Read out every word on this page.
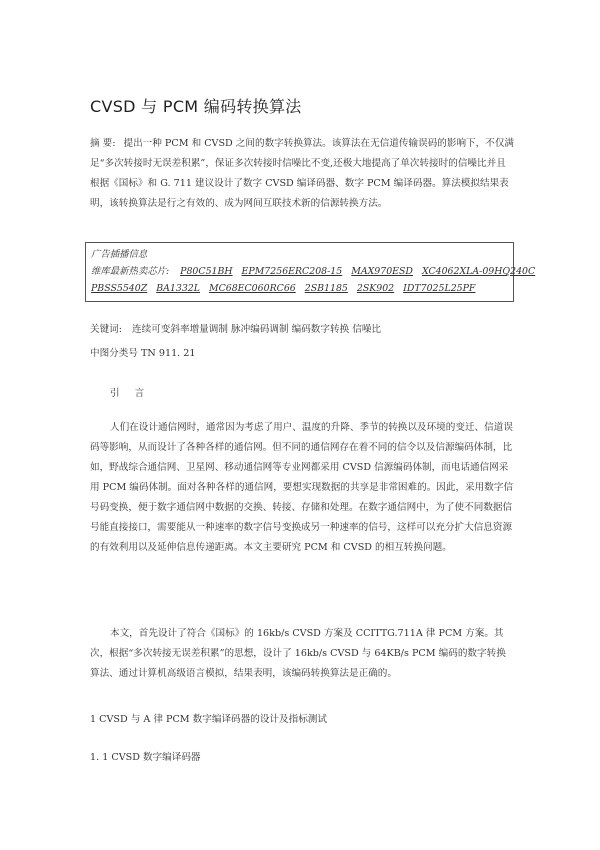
CVSD 与 PCM 编码转换算法

摘 要: 提出一种 PCM 和 CVSD 之间的数字转换算法。该算法在无信道传输误码的影响下，不仅满足“多次转接时无误差积累”，保证多次转接时信噪比不变,还极大地提高了单次转接时的信噪比并且根据《国标》和 G. 711 建议设计了数字 CVSD 编译码器、数字 PCM 编译码器。算法模拟结果表明，该转换算法是行之有效的、成为网间互联技术新的信源转换方法。

广告插播信息
维库最新热卖芯片: P80C51BH EPM7256ERC208-15 MAX970ESD XC4062XLA-09HQ240C
PBSS5540Z BA1332L MC68EC060RC66 2SB1185 2SK902 IDT7025L25PF
关键词: 连续可变斜率增量调制 脉冲编码调制 编码数字转换 信噪比
中图分类号 TN 911. 21
引 言

人们在设计通信网时，通常因为考虑了用户、温度的升降、季节的转换以及环境的变迁、信道误码等影响，从而设计了各种各样的通信网。但不同的通信网存在着不同的信令以及信源编码体制，比如，野战综合通信网、卫星网、移动通信网等专业网都采用 CVSD 信源编码体制，而电话通信网采用 PCM 编码体制。面对各种各样的通信网，要想实现数据的共享是非常困难的。因此，采用数字信号码变换，便于数字通信网中数据的交换、转接、存储和处理。在数字通信网中，为了使不同数据信号能直接接口，需要能从一种速率的数字信号变换成另一种速率的信号，这样可以充分扩大信息资源的有效利用以及延伸信息传递距离。本文主要研究 PCM 和 CVSD 的相互转换问题。

本文，首先设计了符合《国标》的 16kb/s CVSD 方案及 CCITTG.711A 律 PCM 方案。其次，根据“多次转接无误差积累”的思想，设计了 16kb/s CVSD 与 64KB/s PCM 编码的数字转换算法、通过计算机高级语言模拟，结果表明，该编码转换算法是正确的。

1 CVSD 与 A 律 PCM 数字编译码器的设计及指标测试
1. 1 CVSD 数字编译码器
